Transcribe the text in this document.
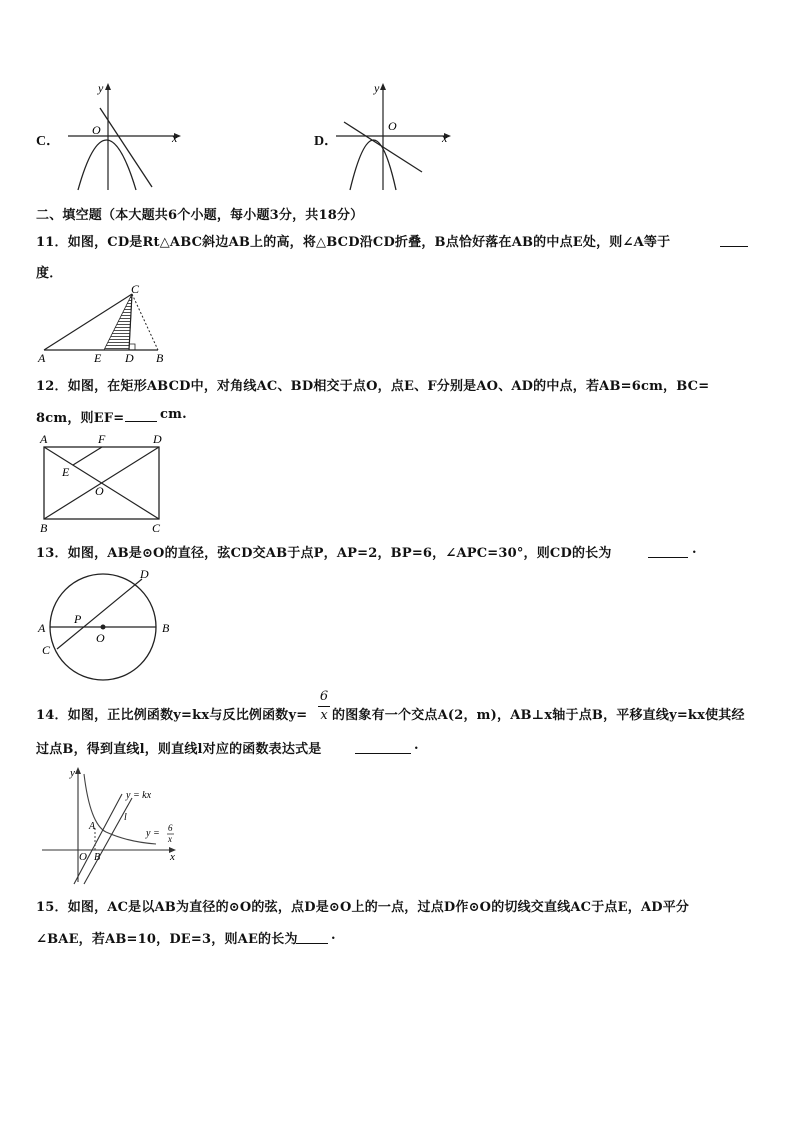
C．
y
x
O
D．
y
x
O
二、填空题（本大题共6个小题，每小题3分，共18分）
11．如图，CD是Rt△ABC斜边AB上的高，将△BCD沿CD折叠，B点恰好落在AB的中点E处，则∠A等于
度．
C
A	E D B
12．如图，在矩形ABCD中，对角线AC、BD相交于点O，点E、F分别是AO、AD的中点，若AB=6cm，BC=
8cm，则EF=	cm.
A	F	D
E
O
B	C
13．如图，AB是⊙O的直径，弦CD交AB于点P，AP=2，BP=6，∠APC=30°，则CD的长为	.
A	B
D
C
P
O
14．如图，正比例函数y=kx与反比例函数y=
6
x 的图象有一个交点A(2，m)，AB⊥x轴于点B，平移直线y=kx使其经
过点B，得到直线l，则直线l对应的函数表达式是	.
y
x
O
A
B
l
y = kx
y = 6
x
15．如图，AC是以AB为直径的⊙O的弦，点D是⊙O上的一点，过点D作⊙O的切线交直线AC于点E，AD平分
∠BAE，若AB=10，DE=3，则AE的长为	.
